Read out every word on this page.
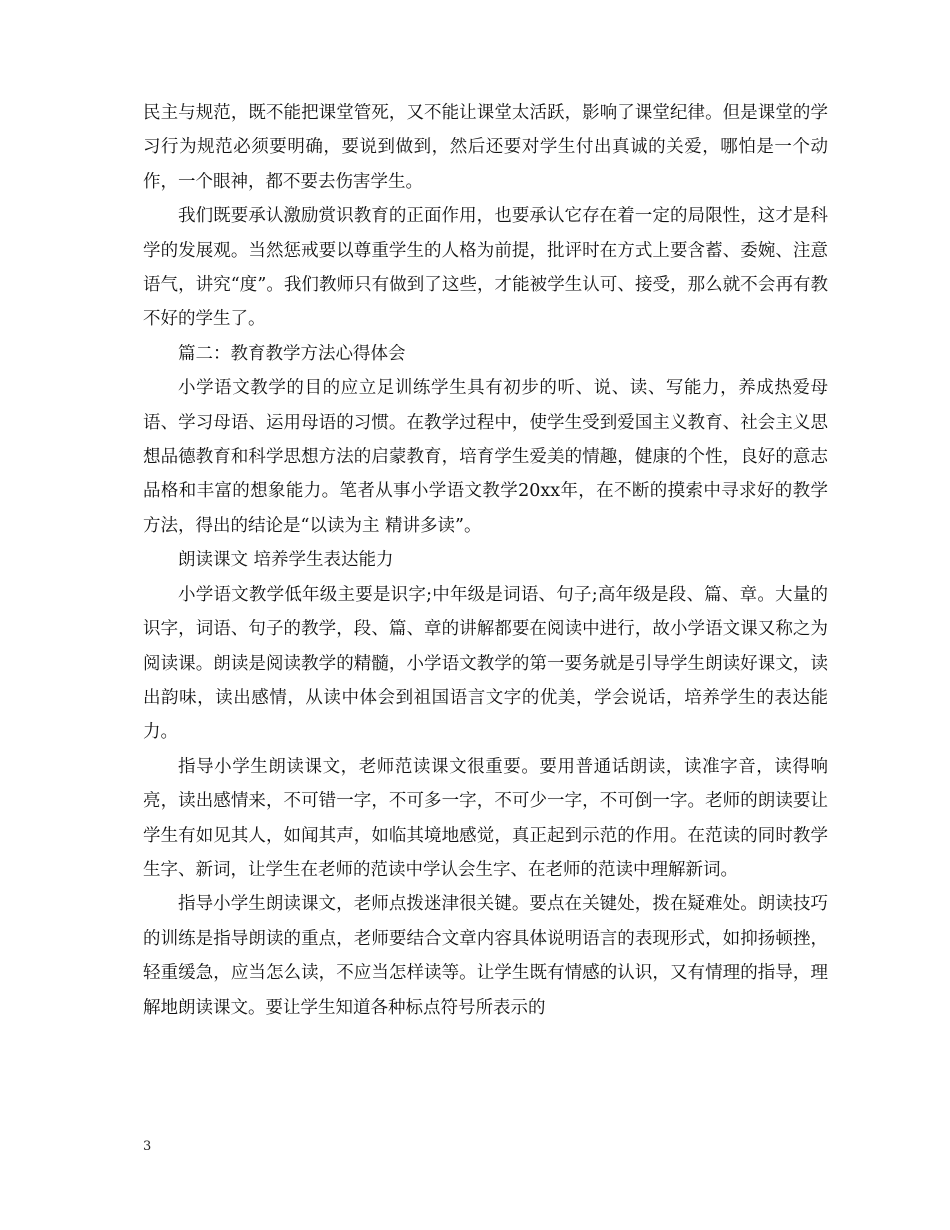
民主与规范，既不能把课堂管死，又不能让课堂太活跃，影响了课堂纪律。但是课堂的学习行为规范必须要明确，要说到做到，然后还要对学生付出真诚的关爱，哪怕是一个动作，一个眼神，都不要去伤害学生。

我们既要承认激励赏识教育的正面作用，也要承认它存在着一定的局限性，这才是科学的发展观。当然惩戒要以尊重学生的人格为前提，批评时在方式上要含蓄、委婉、注意语气，讲究“度”。我们教师只有做到了这些，才能被学生认可、接受，那么就不会再有教不好的学生了。

篇二：教育教学方法心得体会

小学语文教学的目的应立足训练学生具有初步的听、说、读、写能力，养成热爱母语、学习母语、运用母语的习惯。在教学过程中，使学生受到爱国主义教育、社会主义思想品德教育和科学思想方法的启蒙教育，培育学生爱美的情趣，健康的个性，良好的意志品格和丰富的想象能力。笔者从事小学语文教学20xx年，在不断的摸索中寻求好的教学方法，得出的结论是“以读为主 精讲多读”。

朗读课文 培养学生表达能力

小学语文教学低年级主要是识字;中年级是词语、句子;高年级是段、篇、章。大量的识字，词语、句子的教学，段、篇、章的讲解都要在阅读中进行，故小学语文课又称之为阅读课。朗读是阅读教学的精髓，小学语文教学的第一要务就是引导学生朗读好课文，读出韵味，读出感情，从读中体会到祖国语言文字的优美，学会说话，培养学生的表达能力。

指导小学生朗读课文，老师范读课文很重要。要用普通话朗读，读准字音，读得响亮，读出感情来，不可错一字，不可多一字，不可少一字，不可倒一字。老师的朗读要让学生有如见其人，如闻其声，如临其境地感觉，真正起到示范的作用。在范读的同时教学生字、新词，让学生在老师的范读中学认会生字、在老师的范读中理解新词。

指导小学生朗读课文，老师点拨迷津很关键。要点在关键处，拨在疑难处。朗读技巧的训练是指导朗读的重点，老师要结合文章内容具体说明语言的表现形式，如抑扬顿挫，轻重缓急，应当怎么读，不应当怎样读等。让学生既有情感的认识，又有情理的指导，理解地朗读课文。要让学生知道各种标点符号所表示的

3
